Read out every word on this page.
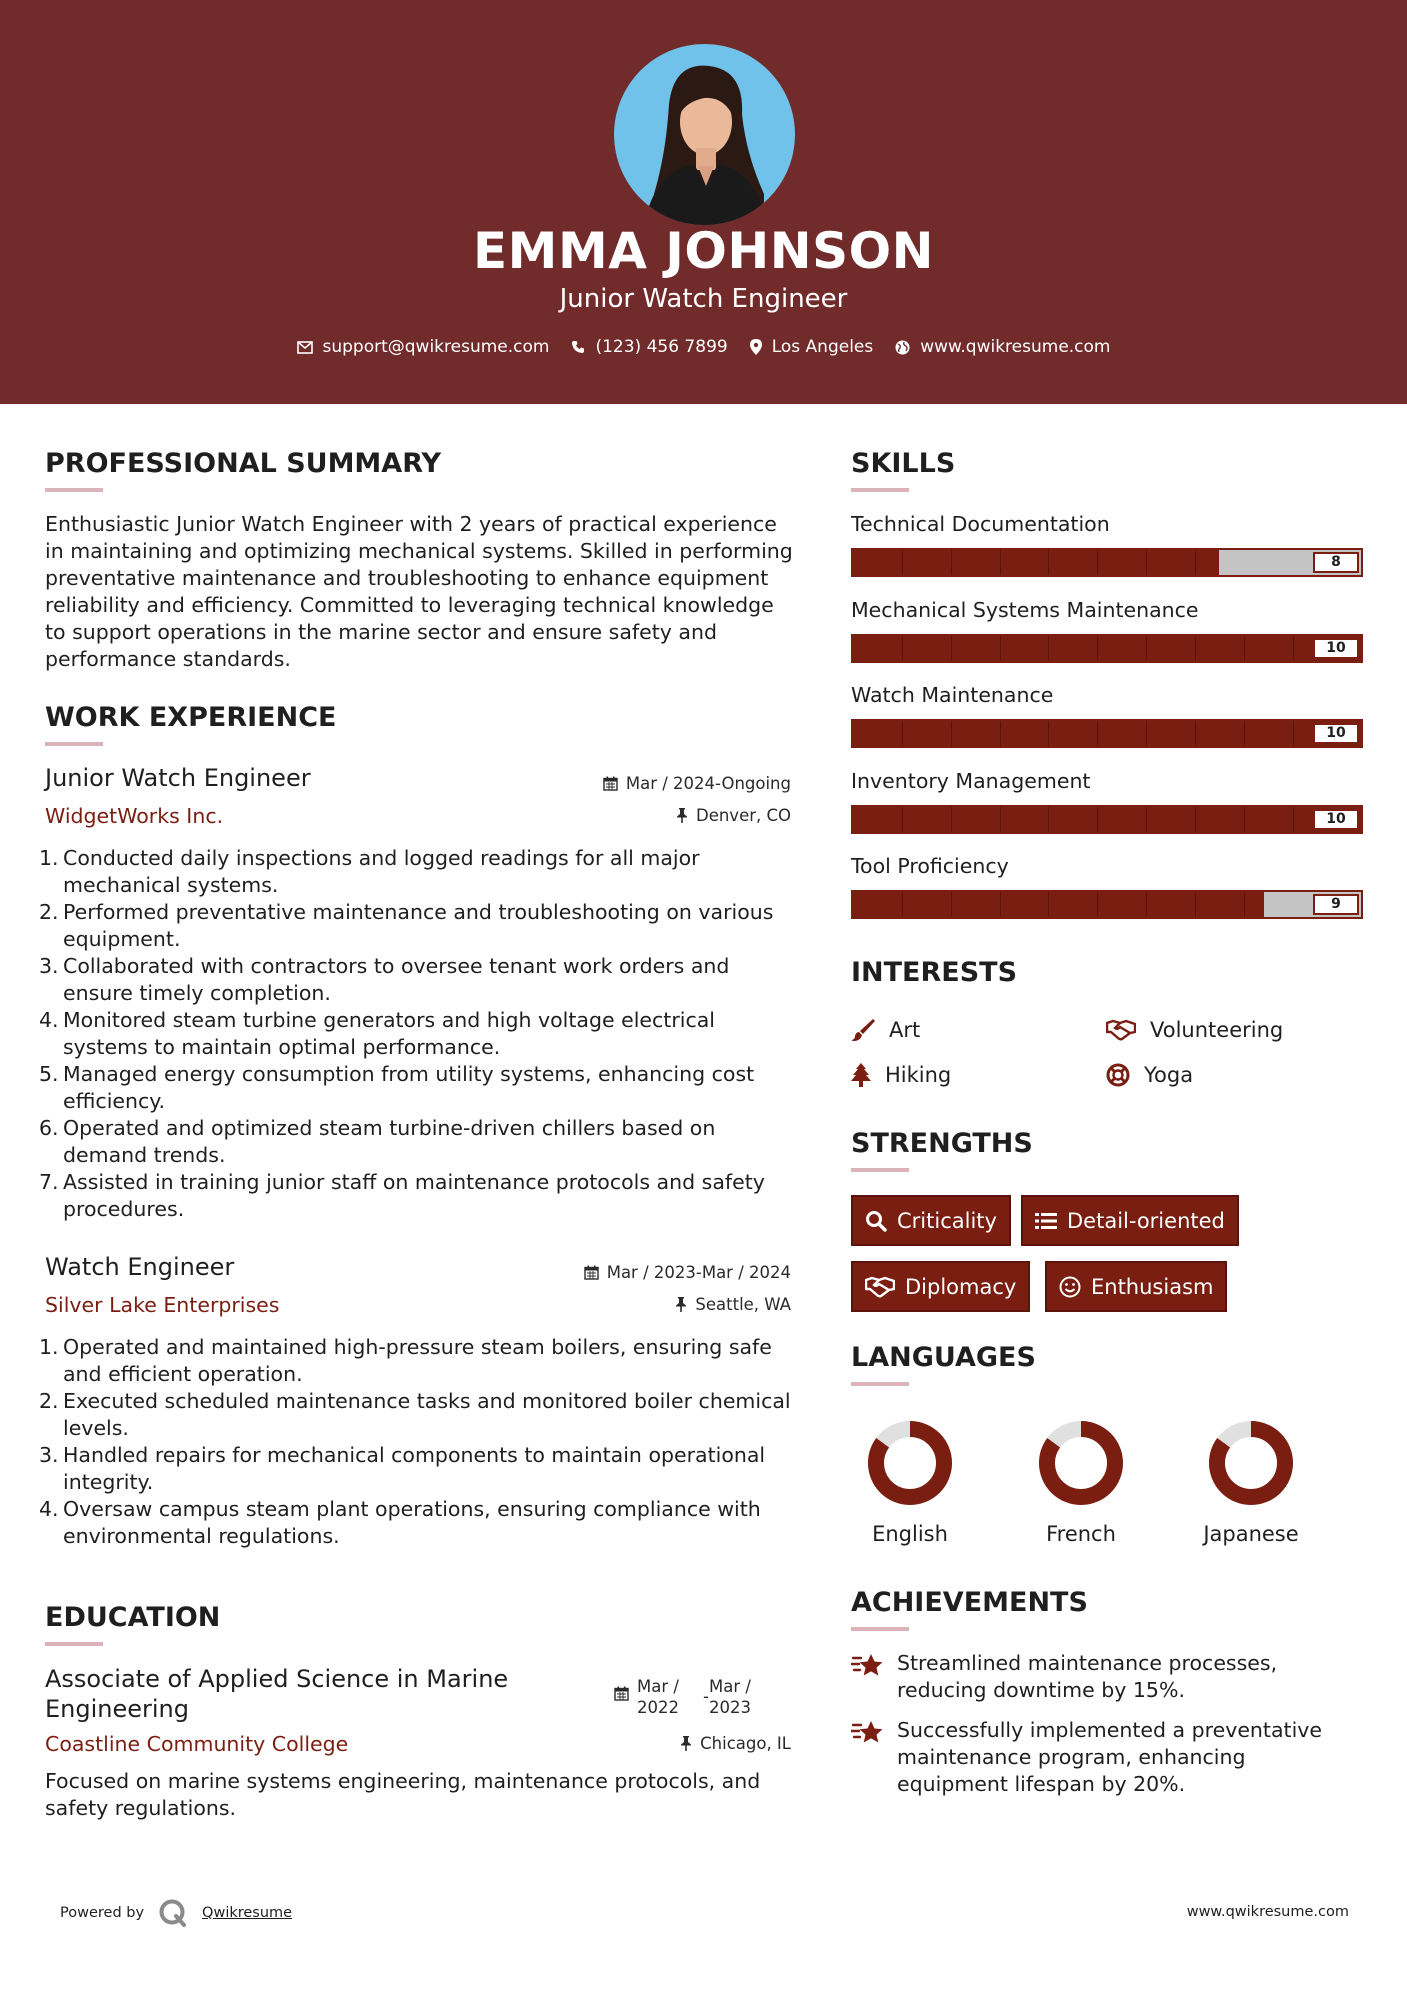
EMMA JOHNSON
Junior Watch Engineer
support@qwikresume.com	(123) 456 7899	Los Angeles	www.qwikresume.com
PROFESSIONAL SUMMARY
Enthusiastic Junior Watch Engineer with 2 years of practical experience in maintaining and optimizing mechanical systems. Skilled in performing preventative maintenance and troubleshooting to enhance equipment reliability and efficiency. Committed to leveraging technical knowledge to support operations in the marine sector and ensure safety and performance standards.
WORK EXPERIENCE
Junior Watch Engineer	Mar / 2024-Ongoing
WidgetWorks Inc.	Denver, CO
1. Conducted daily inspections and logged readings for all major mechanical systems.
2. Performed preventative maintenance and troubleshooting on various equipment.
3. Collaborated with contractors to oversee tenant work orders and ensure timely completion.
4. Monitored steam turbine generators and high voltage electrical systems to maintain optimal performance.
5. Managed energy consumption from utility systems, enhancing cost efficiency.
6. Operated and optimized steam turbine-driven chillers based on demand trends.
7. Assisted in training junior staff on maintenance protocols and safety procedures.
Watch Engineer	Mar / 2023-Mar / 2024
Silver Lake Enterprises	Seattle, WA
1. Operated and maintained high-pressure steam boilers, ensuring safe and efficient operation.
2. Executed scheduled maintenance tasks and monitored boiler chemical levels.
3. Handled repairs for mechanical components to maintain operational integrity.
4. Oversaw campus steam plant operations, ensuring compliance with environmental regulations.
EDUCATION
Associate of Applied Science in Marine Engineering
Mar /
2022
-
Mar /
2023
Coastline Community College	Chicago, IL
Focused on marine systems engineering, maintenance protocols, and safety regulations.
SKILLS
Technical Documentation
8
Mechanical Systems Maintenance
10
Watch Maintenance
10
Inventory Management
10
Tool Proficiency
9
INTERESTS
Art	Volunteering
Hiking	Yoga
STRENGTHS
Criticality	Detail-oriented
Diplomacy	Enthusiasm
LANGUAGES
English	French	Japanese
ACHIEVEMENTS
Streamlined maintenance processes, reducing downtime by 15%.
Successfully implemented a preventative maintenance program, enhancing equipment lifespan by 20%.
Powered by	Qwikresume	www.qwikresume.com
